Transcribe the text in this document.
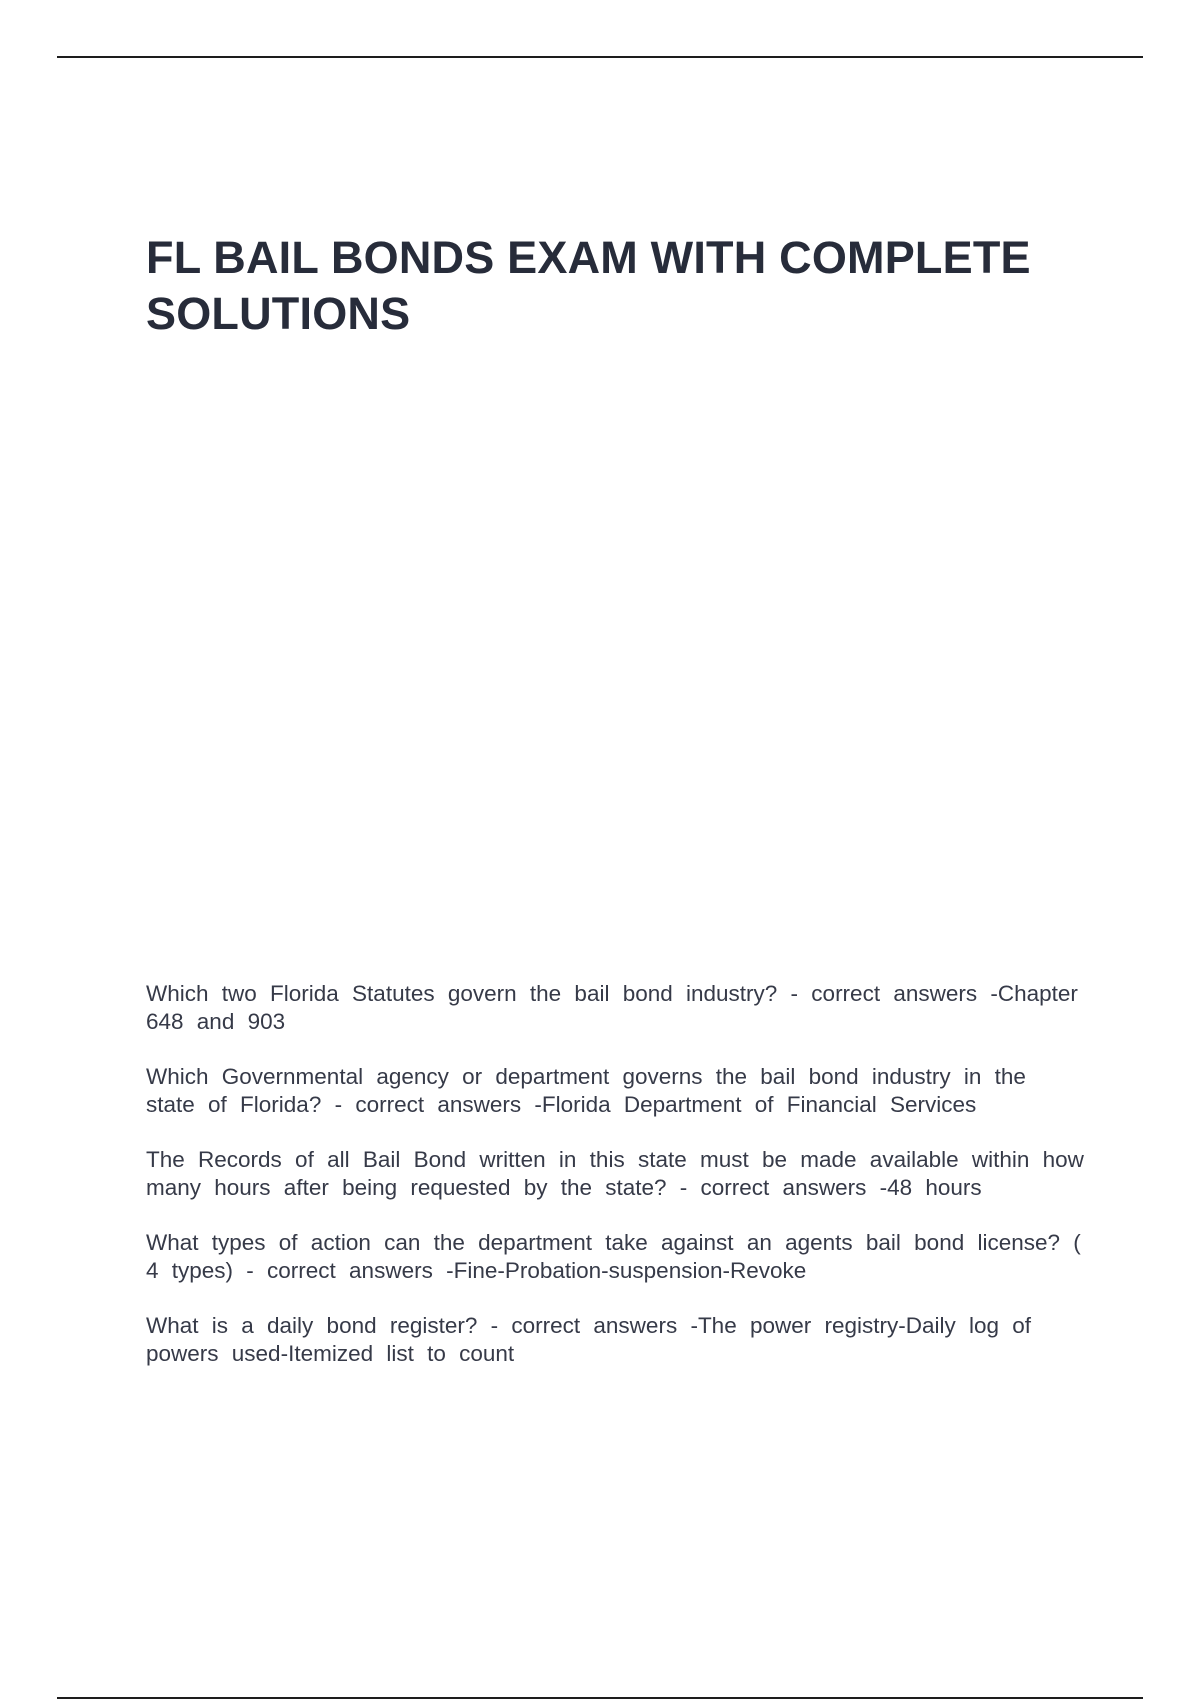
FL BAIL BONDS EXAM WITH COMPLETE SOLUTIONS

Which two Florida Statutes govern the bail bond industry? - correct answers -Chapter 648 and 903

Which Governmental agency or department governs the bail bond industry in the state of Florida? - correct answers -Florida Department of Financial Services

The Records of all Bail Bond written in this state must be made available within how many hours after being requested by the state? - correct answers -48 hours

What types of action can the department take against an agents bail bond license? ( 4 types) - correct answers -Fine-Probation-suspension-Revoke

What is a daily bond register? - correct answers -The power registry-Daily log of powers used-Itemized list to count
